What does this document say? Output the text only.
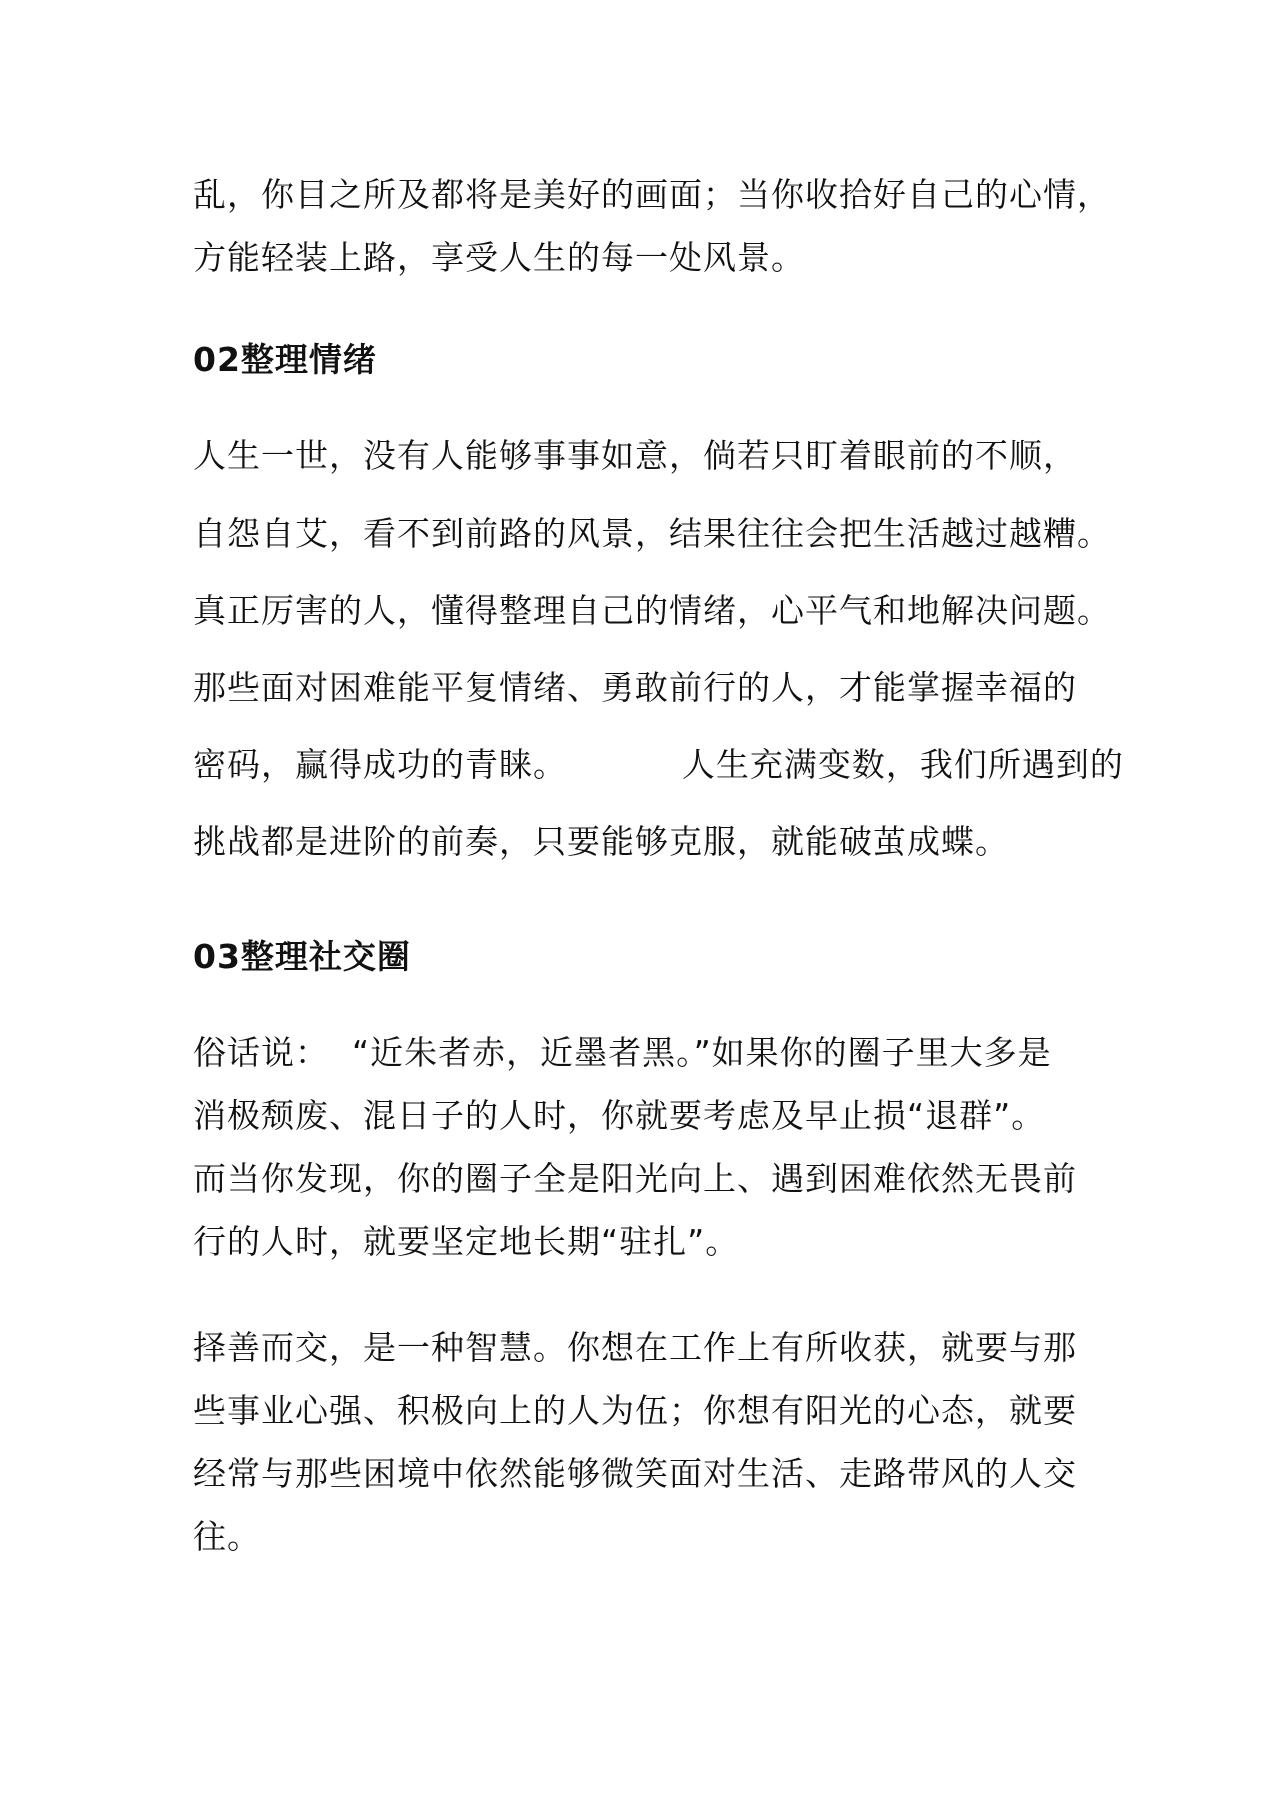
乱，你目之所及都将是美好的画面；当你收拾好自己的心情，
方能轻装上路，享受人生的每一处风景。
02整理情绪
人生一世，没有人能够事事如意，倘若只盯着眼前的不顺，
自怨自艾，看不到前路的风景，结果往往会把生活越过越糟。
真正厉害的人，懂得整理自己的情绪，心平气和地解决问题。
那些面对困难能平复情绪、勇敢前行的人，才能掌握幸福的
密码，赢得成功的青睐。          人生充满变数，我们所遇到的
挑战都是进阶的前奏，只要能够克服，就能破茧成蝶。
03整理社交圈
俗话说：  “近朱者赤，近墨者黑。”如果你的圈子里大多是
消极颓废、混日子的人时，你就要考虑及早止损“退群”。
而当你发现，你的圈子全是阳光向上、遇到困难依然无畏前
行的人时，就要坚定地长期“驻扎”。
择善而交，是一种智慧。你想在工作上有所收获，就要与那
些事业心强、积极向上的人为伍；你想有阳光的心态，就要
经常与那些困境中依然能够微笑面对生活、走路带风的人交
往。
